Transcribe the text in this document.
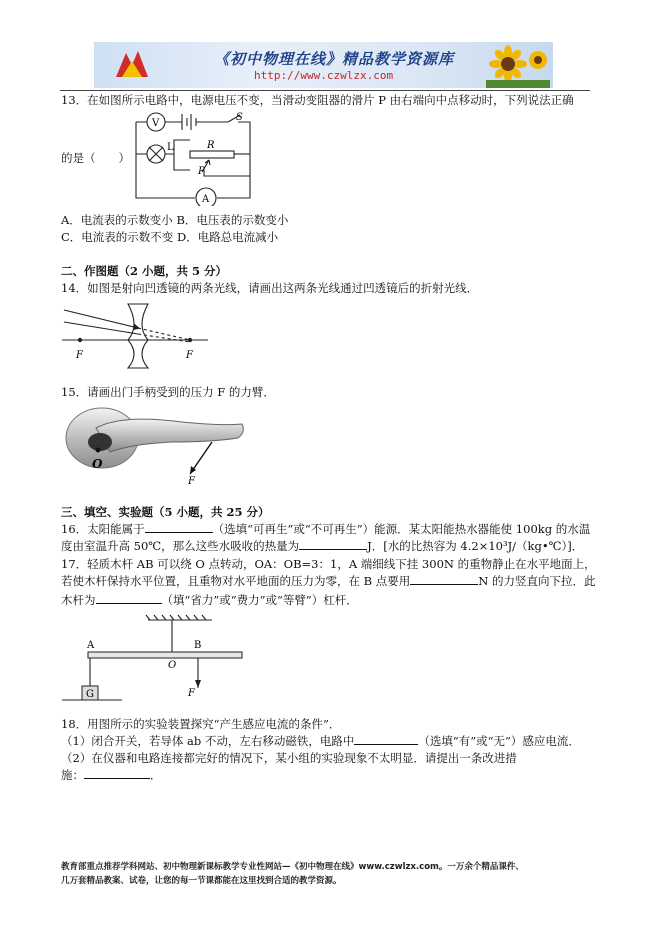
《初中物理在线》精品教学资源库
http://www.czwlzx.com
13．在如图所示电路中，电源电压不变，当滑动变阻器的滑片 P 由右端向中点移动时，下列说法正确
V
A
L	R
P
S
的是（　　）
A．电流表的示数变小 B．电压表的示数变小
C．电流表的示数不变 D．电路总电流减小
二、作图题（2 小题，共 5 分）
14．如图是射向凹透镜的两条光线，请画出这两条光线通过凹透镜后的折射光线．
F	F
15．请画出门手柄受到的压力 F 的力臂．
O
F
三、填空、实验题（5 小题，共 25 分）
16．太阳能属于	（选填“可再生”或“不可再生”）能源．某太阳能热水器能使 100kg 的水温
度由室温升高 50℃，那么这些水吸收的热量为	J．[水的比热容为 4.2×10³J/（kg•℃）]．
17．轻质木杆 AB 可以绕 O 点转动，OA：OB=3：1，A 端细线下挂 300N 的重物静止在水平地面上，
若使木杆保持水平位置，且重物对水平地面的压力为零，在 B 点要用	N 的力竖直向下拉．此
木杆为	（填“省力”或“费力”或“等臂”）杠杆．
A
O
B
F
G
18．用图所示的实验装置探究“产生感应电流的条件”．
（1）闭合开关，若导体 ab 不动，左右移动磁铁，电路中	（选填“有”或“无”）感应电流．
（2）在仪器和电路连接都完好的情况下，某小组的实验现象不太明显．请提出一条改进措
施：	．
教育部重点推荐学科网站、初中物理新课标教学专业性网站—《初中物理在线》www.czwlzx.com。一万余个精品课件、
几万套精品教案、试卷，让您的每一节课都能在这里找到合适的教学资源。
